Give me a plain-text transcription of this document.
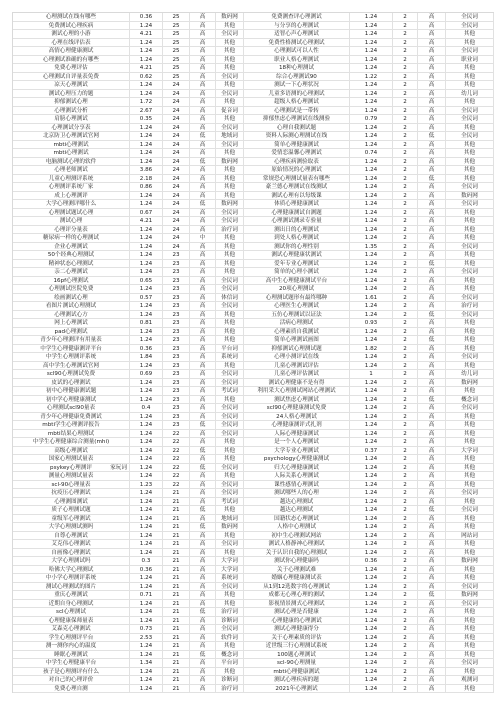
心理测试在线有哪些	0.36	25	高	数码网	免费测查评心理测试	1.24	2	高	全民词
免费测试心理疾病	1.24	25	高	其他	与分享的心理测试	1.24	2	高	全民词
测试心理的小游	4.21	25	高	全民词	适智心声心理测试	1.24	2	高	其他
心理在线评估表	1.24	25	高	其他	免费性格测试心理测试	1.24	2	高	其他
高情心理健康测试	1.24	25	高	其他	心理测试可以人性	1.24	2	高	全民词
心理测试准确的有哪些	1.24	25	高	其他	职业人格心理测试	1.24	2	高	职业词
免费心理评估	4.21	25	高	其他	18种心理测试	1.24	2	高	其他
心理测试自评量表免费	0.62	25	高	全民词	综合心理测试90	1.22	2	高	其他
凉天心理测试	1.24	24	高	其他	测试一下心理状况	1.24	2	高	其他
测试心理压力的题	1.24	24	高	全民词	儿童多语测的心理测试	1.24	2	高	幼儿词
抑郁测试心理	1.72	24	高	其他	超级人格心理测试	1.24	2	高	其他
心理测试分析	2.67	24	高	促音词	心理测试是一带转	1.24	2	高	全民词
肩膀心理测试	0.35	24	高	其他	抑郁焦虑心理测试在线测验	0.79	2	高	全民词
心理测试分享表	1.24	24	高	全民词	心理自我测试题	1.24	2	高	其他
北京防卫心理测试官网	1.24	24	低	地域词	资料人际测心理测试在线	1.24	2	低	全民词
mbti心理测试	1.24	24	高	全民词	简单心理健康测试	1.24	2	高	其他
mbti心理测试	1.24	24	高	其他	爱情恋温馨心理测试	0.74	2	高	其他
电脑测试心理的软件	1.24	24	低	数码网	心理疾病测验取表	1.24	2	高	其他
心理老师测试	3.86	24	高	其他	原始情况的心理测试	1.24	2	高	其他
儿童心理测评系统	2.18	24	高	其他	常规恐心理测试量表有哪些	1.24	2	低	其他
心理测评系统厂家	0.86	24	高	其他	豪兰德心理测试在线测试	1.24	2	高	全民词
成上心理测评	1.24	24	高	其他	测试心理有以每级课	1.24	2	高	数码网
大学心理测评哪什么	1.24	24	低	数码网	体质心理健康测试	1.24	2	高	全民词
心理测试题试心理	0.67	24	高	全民词	心理健康测试自测题	1.24	2	高	其他
测试心理	4.21	24	高	全民词	心理测试测录专验量	1.24	2	高	其他
心理评分量表	1.24	24	高	治疗词	测出日的心理测试	1.24	2	高	其他
糖尿病一样的心理测试	1.24	24	中	其他	到处人格心理测试	1.24	2	高	其他
企业心理测试	1.24	24	高	其他	测试你的心理性别	1.35	2	高	全民词
50个经典心理测试	1.24	23	高	其他	测试心理健康状测试	1.24	2	高	其他
精神状态心理测试	1.24	23	高	其他	爱年专业心理测试	1.24	2	低	其他
亲二心理测试	1.24	23	高	其他	简单的心理小测试	1.24	2	高	全民词
16pf心理测试	0.65	23	高	全民词	高中生心理健康测试平台	1.24	2	高	其他
心理测试医院免费	1.24	23	高	全民词	20项心理测试	1.24	2	高	其他
绘画测试心理	0.57	23	高	体信词	心理测试题形有最终哪种	1.61	2	高	全民词
看图片测试心理测试	1.24	23	高	全民词	心理医生心理测试	1.24	2	高	治疗词
心理测试心方	1.24	23	高	其他	五仿心理测试以证法	1.24	2	低	全民词
网上心理测试	0.81	23	高	其他	活病心理测试	0.93	2	高	其他
pad心理测试	1.24	23	高	其他	心理素质自我测试	1.24	2	高	其他
青少年心理测评有用量表	1.24	23	高	其他	简单心理测试画图	1.24	2	低	其他
中学生心理健康测评平台	0.36	23	高	平台词	抑郁测试心理测试题	1.82	2	高	其他
中学生心理测评系统	1.84	23	高	系统词	心理小测评试在线	1.24	2	高	全民词
高中学生心理测试官网	1.24	23	高	其他	儿童心理测试评估	1.24	2	高	其他
scl90心理测试免费	0.69	23	高	全民词	儿童心理评估测试	1	2	高	幼儿词
皮试的心理测试	1.24	23	高	全民词	测试心理健康不是有得	1.24	2	高	数码网
初中心理健康测试题	1.24	23	高	考试词	利用采大心理测试网站心理测试	1.24	2	高	其他
初中学心理健康测试	1.24	23	高	其他	测试焦虑心理测试	1.24	2	低	概念词
心理测试scl90量表	0.4	23	高	全民词	scl90心理健康测试免费	1.24	2	高	全民词
青少年心理健康免费测试	1.24	23	高	全民词	24人格心理测试	1.24	2	高	其他
mbti学生心理测评报告	1.24	23	低	全民词	心理健康测评式扎剂	1.24	2	高	其他
mbti结果心理测试	1.24	22	高	全民词	人际心理健康测试	1.24	2	高	其他
中学生心理健康综合测量(mhi)	1.24	22	高	其他	是一个人心理测试	1.24	2	高	其他
高级心理测试	1.24	22	低	其他	大学专业心理测试	0.37	2	高	大学词
国家心理测试量表	1.24	22	高	其他	psychology心理健康测试	1.24	2	高	其他
psykey心理测评	家玩词	1.24	22	低	全民词	归大心理健康测试	1.24	2	高	其他
测量心理测试量表	1.24	22	高	其他	人际关系心理测试	1.24	2	高	其他
scl-90心理量表	1.23	22	高	全民词	课性感情心理测试	1.24	2	高	其他
抗疫压心理测试	1.24	21	高	全民词	测试哪些人的心理	1.24	2	高	全民词
心理测图测试	1.24	21	高	考试词	越达心理测试	1.24	2	高	其他
质子心理测试题	1.24	21	低	其他	越达心理测试	1.24	2	低	全民词
童级军心理测试	1.24	21	高	地域词	国籍状态心理测试	1.24	2	高	其他
大学心理测试测吗	1.24	21	低	数码网	人格中心理测试	1.24	2	高	其他
自尊心理测试	1.24	21	高	其他	初中生心理测试网站	1.24	2	高	网站词
艾克伟心理测试	1.24	21	高	全民词	测试人格静神心理测试	1.24	2	高	其他
自画像心理测试	1.24	21	高	其他	关于认识自我的心理测试	1.24	2	高	其他
大学心理测试吗	0.3	21	高	大学词	测试你心理健康吗	0.36	2	高	数码网
哈佛大学心理测试	0.36	21	高	大学词	关于心理测试难	1.24	2	高	其他
中小学心理测评系统	1.24	21	高	系统词	婚姻心理健康测试表	1.24	2	高	其他
测试心理测试的图片	1.24	21	高	全民词	从1到12选数字的心理测试	1.24	2	高	全民词
重庆心理测试	0.71	21	高	其他	成都无心理心理的测试	1.24	2	低	数码网
近期自身心理测试	1.24	21	高	其他	影视情景测式心理测试	1.24	2	高	全民词
scl心理测试	1.24	21	低	治疗词	测试心理是否健康	1.24	2	高	其他
心理健康保师量表	1.24	21	高	诊断词	心理健康的心理测试	1.24	2	高	其他
艾森克心理测试	0.73	21	高	全民词	测试心理健康得分	1.24	2	高	其他
学生心理测评平台	2.53	21	高	软件词	关于心理素质的评估	1.24	2	高	其他
测一测你内心的温度	1.24	21	高	其他	近世级三行心理测试系统	1.24	2	高	其他
睡眠心理测试	1.24	21	低	概念词	100题心理测试	1.24	2	高	其他
中学生心理健康平台	1.34	21	高	平台词	scl-90心理测量	1.24	2	高	全民词
孩子是心理测评有什么	1.24	21	高	其他	mbti心理健康测试	1.24	2	高	其他
对自己的心理评价	1.24	21	高	诊断词	测试心理疾病的题	1.24	2	高	观测词
免费心理自测	1.24	21	高	治疗词	2021年心理测试	1.24	2	高	其他
